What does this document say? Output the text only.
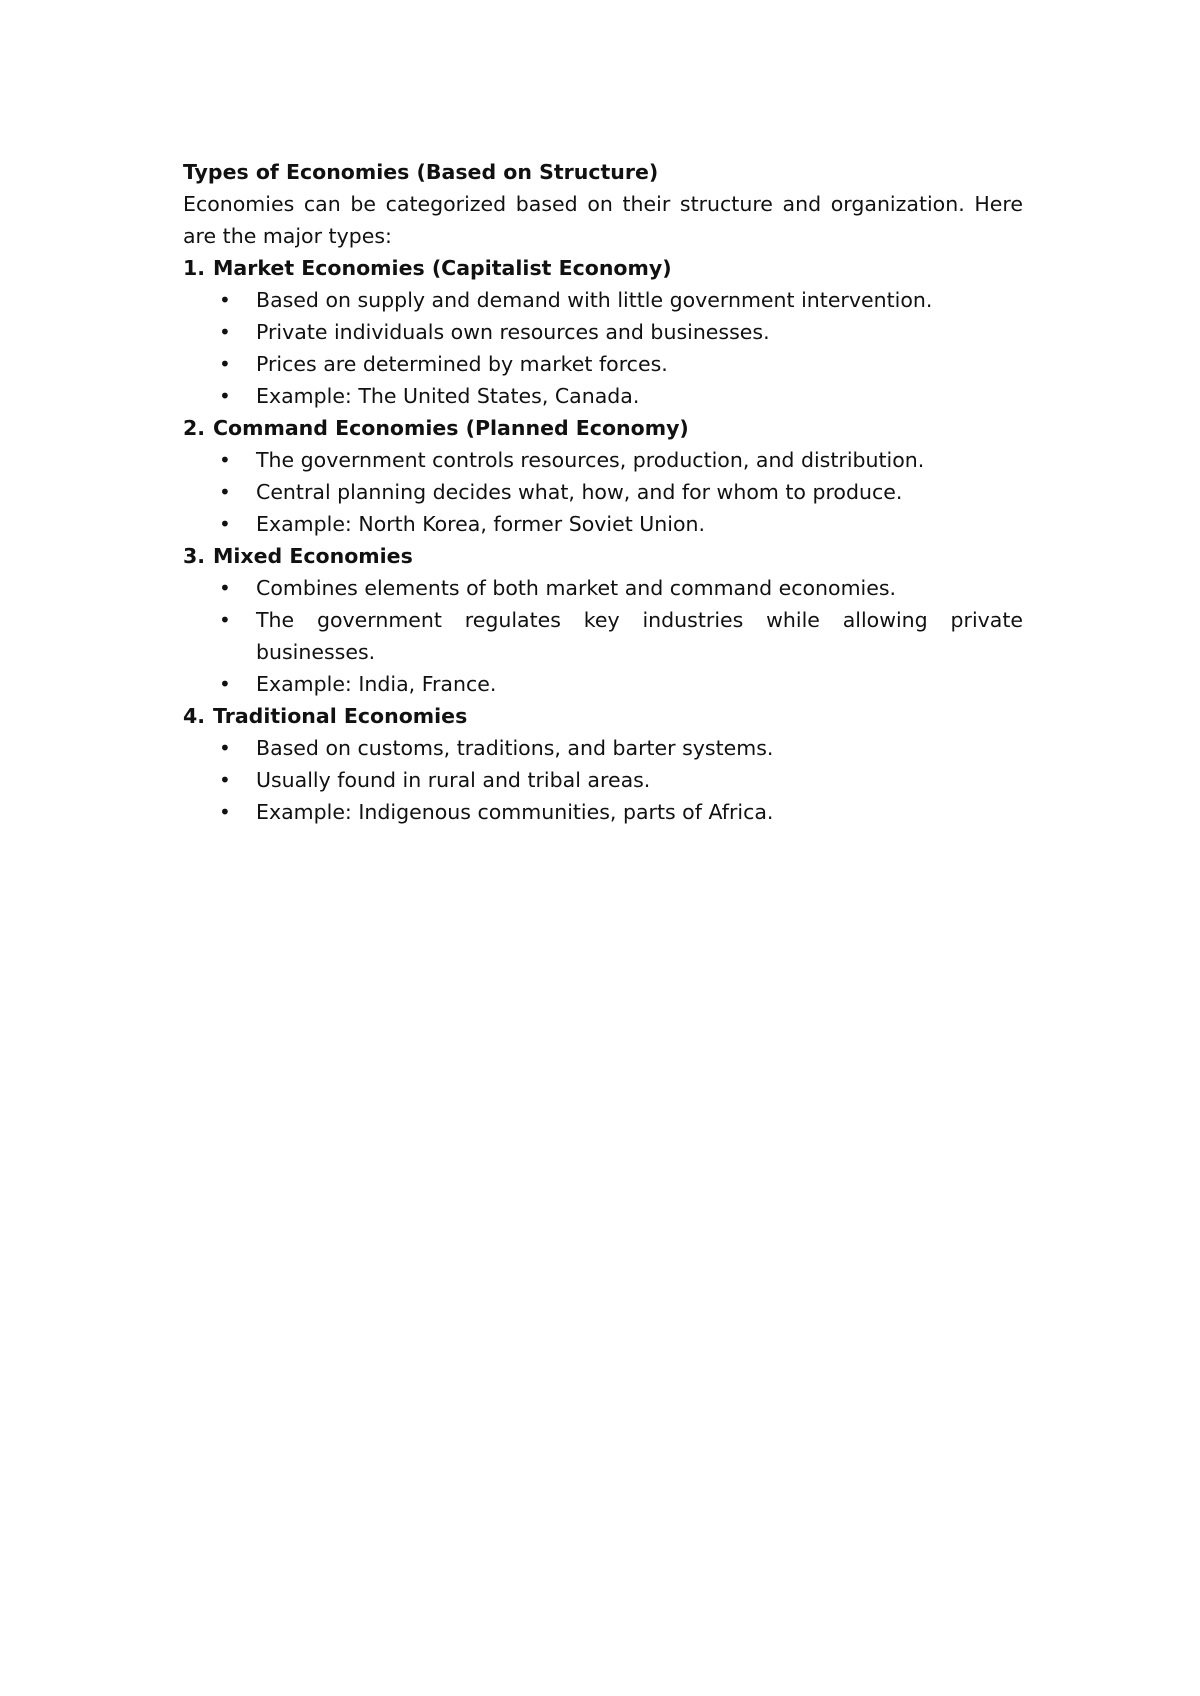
Types of Economies (Based on Structure)

Economies can be categorized based on their structure and organization. Here are the major types:

1. Market Economies (Capitalist Economy)

•	Based on supply and demand with little government intervention.
•	Private individuals own resources and businesses.
•	Prices are determined by market forces.
•	Example: The United States, Canada.

2. Command Economies (Planned Economy)

•	The government controls resources, production, and distribution.
•	Central planning decides what, how, and for whom to produce.
•	Example: North Korea, former Soviet Union.

3. Mixed Economies

•	Combines elements of both market and command economies.
•	The government regulates key industries while allowing private businesses.
•	Example: India, France.

4. Traditional Economies

•	Based on customs, traditions, and barter systems.
•	Usually found in rural and tribal areas.
•	Example: Indigenous communities, parts of Africa.
